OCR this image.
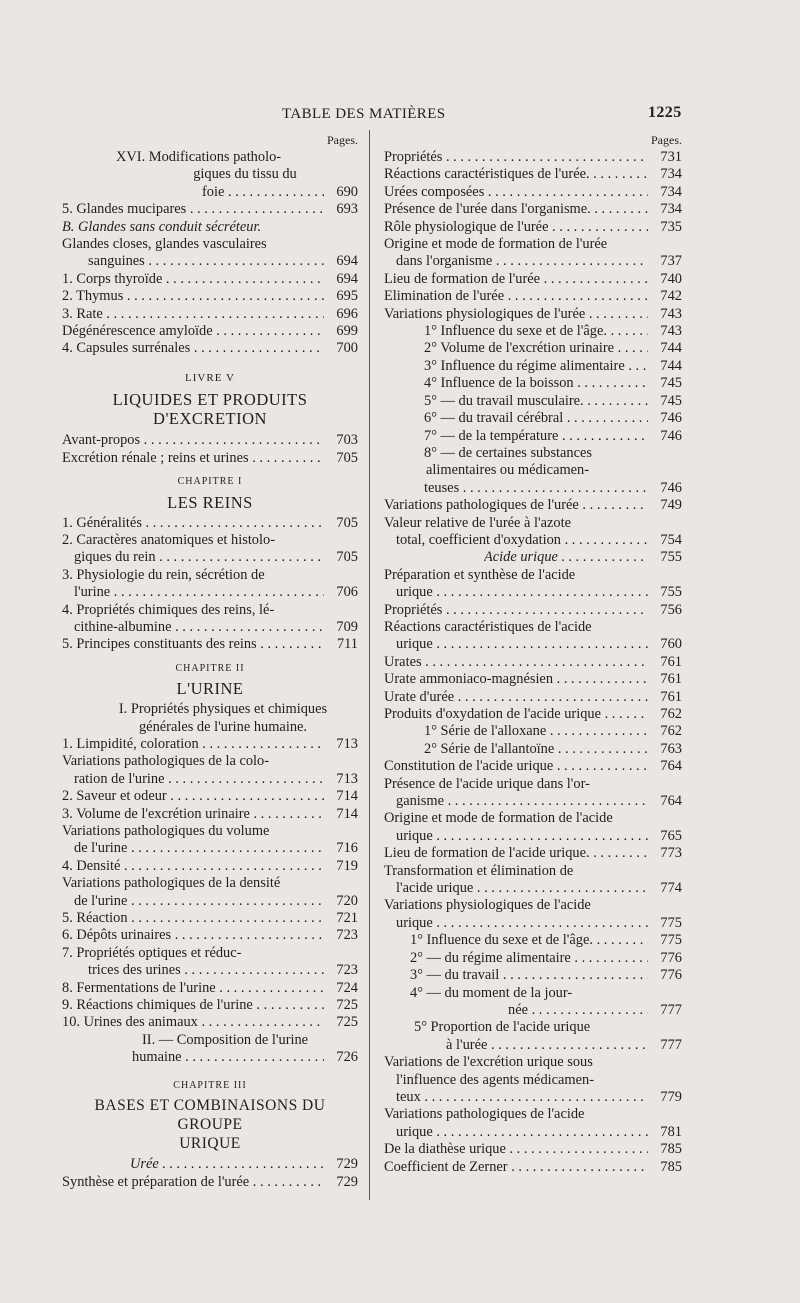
TABLE DES MATIÈRES	1225
Pages.
XVI. Modifications patholo-
giques du tissu du
foie . . .	690
5. Glandes mucipares . . .	693
B. Glandes sans conduit sécréteur.
Glandes closes, glandes vasculaires
sanguines . . .	694
1. Corps thyroïde . . .	694
2. Thymus . . .	695
3. Rate . . .	696
Dégénérescence amyloïde . . .	699
4. Capsules surrénales . . .	700
LIVRE V
LIQUIDES ET PRODUITS
D'EXCRETION
Avant-propos . . .	703
Excrétion rénale ; reins et urines . . .	705
CHAPITRE I
LES REINS
1. Généralités . . .	705
2. Caractères anatomiques et histolo-
giques du rein . . .	705
3. Physiologie du rein, sécrétion de
l'urine . . .	706
4. Propriétés chimiques des reins, lé-
cithine-albumine . . .	709
5. Principes constituants des reins . . .	711
CHAPITRE II
L'URINE
I. Propriétés physiques et chimiques générales de l'urine humaine.
1. Limpidité, coloration . . .	713
Variations pathologiques de la colo-
ration de l'urine . . .	713
2. Saveur et odeur . . .	714
3. Volume de l'excrétion urinaire . . .	714
Variations pathologiques du volume
de l'urine . . .	716
4. Densité . . .	719
Variations pathologiques de la densité
de l'urine . . .	720
5. Réaction . . .	721
6. Dépôts urinaires . . .	723
7. Propriétés optiques et réduc-
trices des urines . . .	723
8. Fermentations de l'urine . . .	724
9. Réactions chimiques de l'urine . . .	725
10. Urines des animaux . . .	725
II. — Composition de l'urine
humaine . . .	726
CHAPITRE III
BASES ET COMBINAISONS DU GROUPE
URIQUE
Urée . . .	729
Synthèse et préparation de l'urée . . .	729
Pages.
Propriétés . . .	731
Réactions caractéristiques de l'urée. . . .	734
Urées composées . . .	734
Présence de l'urée dans l'organisme. . . .	734
Rôle physiologique de l'urée . . .	735
Origine et mode de formation de l'urée
dans l'organisme . . .	737
Lieu de formation de l'urée . . .	740
Elimination de l'urée . . .	742
Variations physiologiques de l'urée . . .	743
1° Influence du sexe et de l'âge. . . .	743
2° Volume de l'excrétion urinaire . . .	744
3° Influence du régime alimentaire . . .	744
4° Influence de la boisson . . .	745
5° — du travail musculaire. . . .	745
6° — du travail cérébral . . .	746
7° — de la température . . .	746
8° — de certaines substances
alimentaires ou médicamen-
teuses . . .	746
Variations pathologiques de l'urée . . .	749
Valeur relative de l'urée à l'azote
total, coefficient d'oxydation . . .	754
Acide urique . . .	755
Préparation et synthèse de l'acide
urique . . .	755
Propriétés . . .	756
Réactions caractéristiques de l'acide
urique . . .	760
Urates . . .	761
Urate ammoniaco-magnésien . . .	761
Urate d'urée . . .	761
Produits d'oxydation de l'acide urique . . .	762
1° Série de l'alloxane . . .	762
2° Série de l'allantoïne . . .	763
Constitution de l'acide urique . . .	764
Présence de l'acide urique dans l'or-
ganisme . . .	764
Origine et mode de formation de l'acide
urique . . .	765
Lieu de formation de l'acide urique. . . .	773
Transformation et élimination de
l'acide urique . . .	774
Variations physiologiques de l'acide
urique . . .	775
1° Influence du sexe et de l'âge. . . .	775
2° — du régime alimentaire . . .	776
3° — du travail . . .	776
4° — du moment de la jour-
née . . .	777
5° Proportion de l'acide urique
à l'urée . . .	777
Variations de l'excrétion urique sous
l'influence des agents médicamen-
teux . . .	779
Variations pathologiques de l'acide
urique . . .	781
De la diathèse urique . . .	785
Coefficient de Zerner . . .	785
